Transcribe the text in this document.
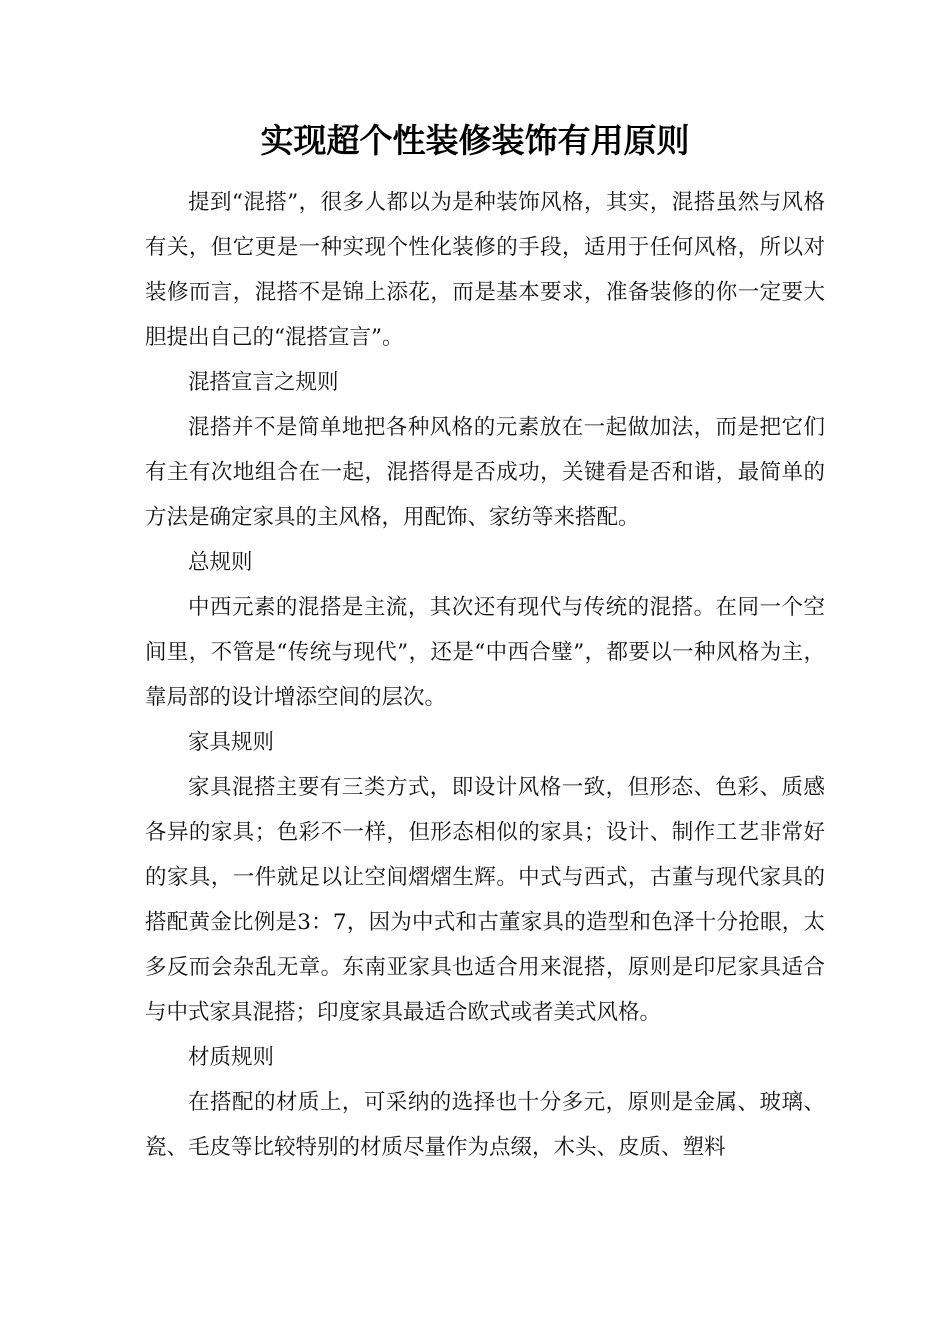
实现超个性装修装饰有用原则

提到“混搭”，很多人都以为是种装饰风格，其实，混搭虽然与风格有关，但它更是一种实现个性化装修的手段，适用于任何风格，所以对装修而言，混搭不是锦上添花，而是基本要求，准备装修的你一定要大胆提出自己的“混搭宣言”。

混搭宣言之规则

混搭并不是简单地把各种风格的元素放在一起做加法，而是把它们有主有次地组合在一起，混搭得是否成功，关键看是否和谐，最简单的方法是确定家具的主风格，用配饰、家纺等来搭配。

总规则

中西元素的混搭是主流，其次还有现代与传统的混搭。在同一个空间里，不管是“传统与现代”，还是“中西合璧”，都要以一种风格为主，靠局部的设计增添空间的层次。

家具规则

家具混搭主要有三类方式，即设计风格一致，但形态、色彩、质感各异的家具；色彩不一样，但形态相似的家具；设计、制作工艺非常好的家具，一件就足以让空间熠熠生辉。中式与西式，古董与现代家具的搭配黄金比例是3：7，因为中式和古董家具的造型和色泽十分抢眼，太多反而会杂乱无章。东南亚家具也适合用来混搭，原则是印尼家具适合与中式家具混搭；印度家具最适合欧式或者美式风格。

材质规则

在搭配的材质上，可采纳的选择也十分多元，原则是金属、玻璃、瓷、毛皮等比较特别的材质尽量作为点缀，木头、皮质、塑料
